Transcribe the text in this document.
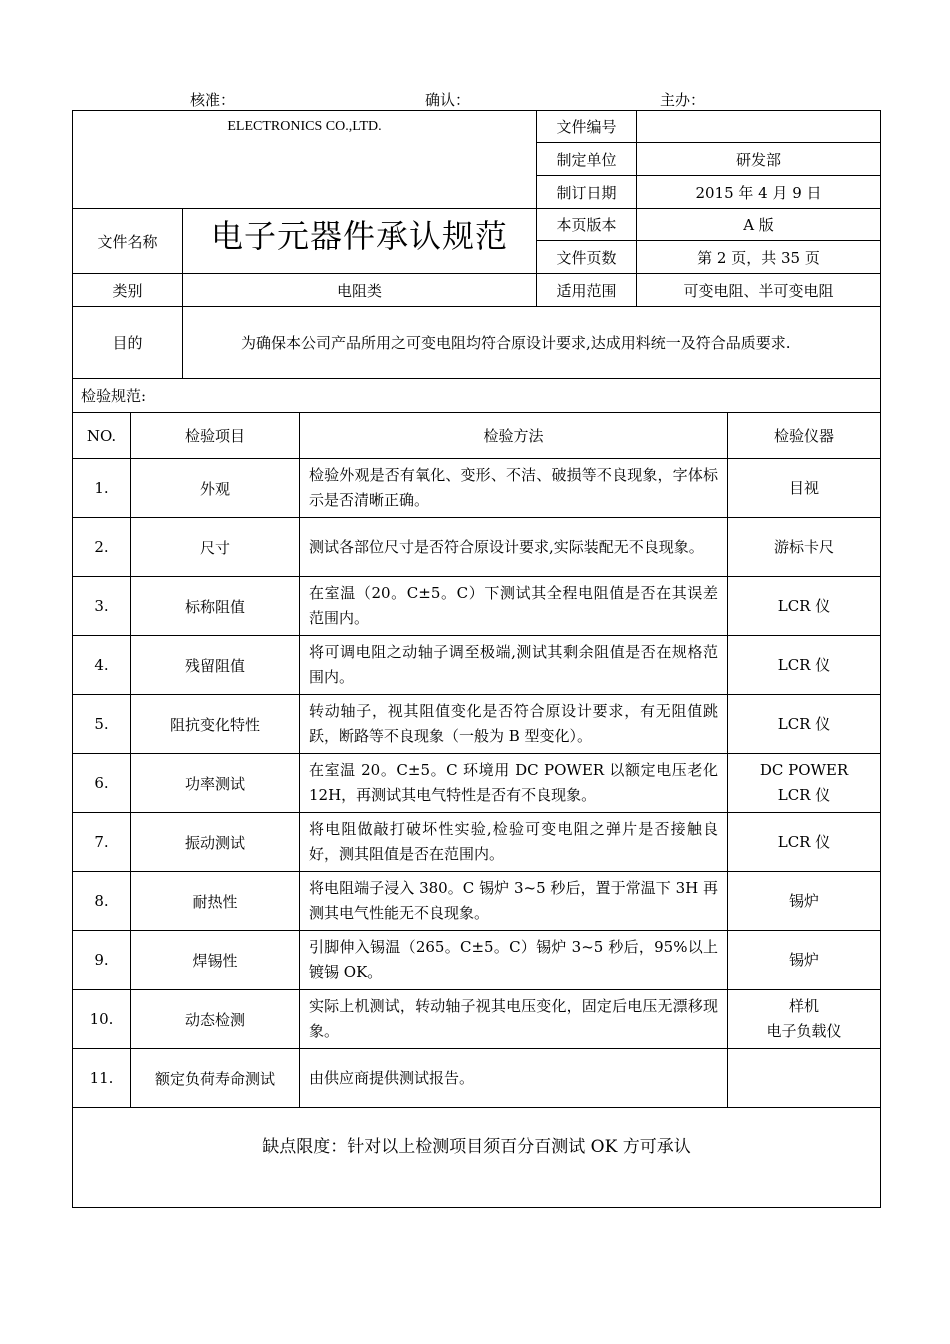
核准：	确认：	主办：
ELECTRONICS CO.,LTD.		文件编号	
		制定单位	研发部
		制订日期	2015 年 4 月 9 日
文件名称	电子元器件承认规范	本页版本	A 版
		文件页数	第 2 页，共 35 页
类别	电阻类	适用范围	可变电阻、半可变电阻
目的	为确保本公司产品所用之可变电阻均符合原设计要求,达成用料统一及符合品质要求.		
检验规范:			
NO.	检验项目	检验方法	检验仪器
1.	外观	检验外观是否有氧化、变形、不洁、破损等不良现象，字体标示是否清晰正确。	目视

2.	尺寸	测试各部位尺寸是否符合原设计要求,实际装配无不良现象。	游标卡尺

3.	标称阻值	在室温（20。C±5。C）下测试其全程电阻值是否在其误差范围内。	LCR 仪

4.	残留阻值	将可调电阻之动轴子调至极端,测试其剩余阻值是否在规格范围内。	LCR 仪

5.	阻抗变化特性	转动轴子，视其阻值变化是否符合原设计要求，有无阻值跳跃，断路等不良现象（一般为 B 型变化）。	LCR 仪

6.	功率测试	在室温 20。C±5。C 环境用 DC POWER 以额定电压老化 12H，再测试其电气特性是否有不良现象。	DC POWER
LCR 仪

7.	振动测试	将电阻做敲打破坏性实验,检验可变电阻之弹片是否接触良好，测其阻值是否在范围内。	LCR 仪

8.	耐热性	将电阻端子浸入 380。C 锡炉 3~5 秒后，置于常温下 3H 再测其电气性能无不良现象。	锡炉

9.	焊锡性	引脚伸入锡温（265。C±5。C）锡炉 3~5 秒后，95%以上镀锡 OK。	锡炉

10.	动态检测	实际上机测试，转动轴子视其电压变化，固定后电压无漂移现象。	样机
电子负载仪

11.	额定负荷寿命测试	由供应商提供测试报告。	

缺点限度：针对以上检测项目须百分百测试 OK 方可承认			
